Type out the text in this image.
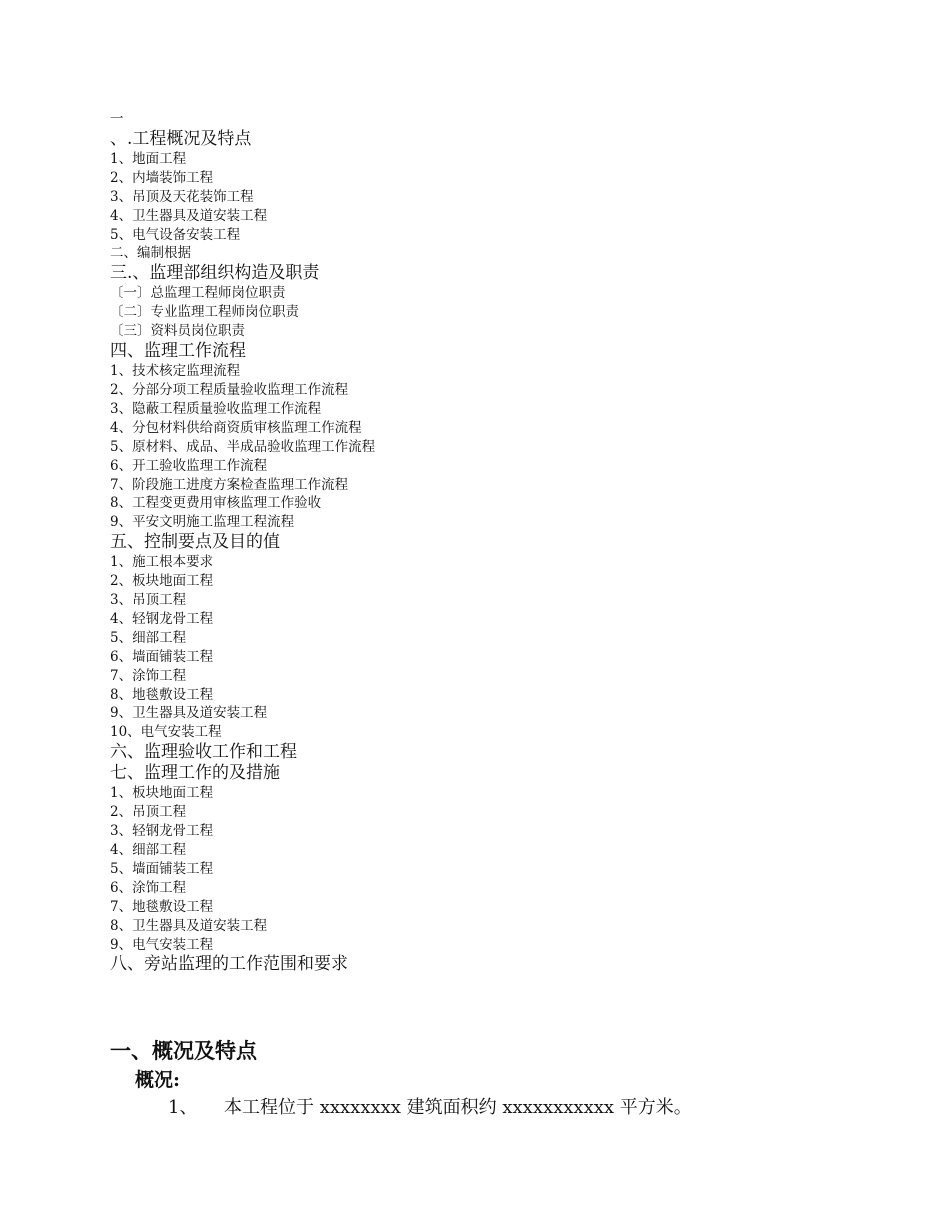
一
、.工程概况及特点
1、地面工程
2、内墙装饰工程
3、吊顶及天花装饰工程
4、卫生器具及道安装工程
5、电气设备安装工程
二、编制根据
三.、监理部组织构造及职责
〔一〕总监理工程师岗位职责
〔二〕专业监理工程师岗位职责
〔三〕资料员岗位职责
四、监理工作流程
1、技术核定监理流程
2、分部分项工程质量验收监理工作流程
3、隐蔽工程质量验收监理工作流程
4、分包材料供给商资质审核监理工作流程
5、原材料、成品、半成品验收监理工作流程
6、开工验收监理工作流程
7、阶段施工进度方案检查监理工作流程
8、工程变更费用审核监理工作验收
9、平安文明施工监理工程流程
五、控制要点及目的值
1、施工根本要求
2、板块地面工程
3、吊顶工程
4、轻钢龙骨工程
5、细部工程
6、墙面铺装工程
7、涂饰工程
8、地毯敷设工程
9、卫生器具及道安装工程
10、电气安装工程
六、监理验收工作和工程
七、监理工作的及措施
1、板块地面工程
2、吊顶工程
3、轻钢龙骨工程
4、细部工程
5、墙面铺装工程
6、涂饰工程
7、地毯敷设工程
8、卫生器具及道安装工程
9、电气安装工程
八、旁站监理的工作范围和要求
一、概况及特点
概况:
1、 本工程位于 xxxxxxxx 建筑面积约 xxxxxxxxxxx 平方米。
